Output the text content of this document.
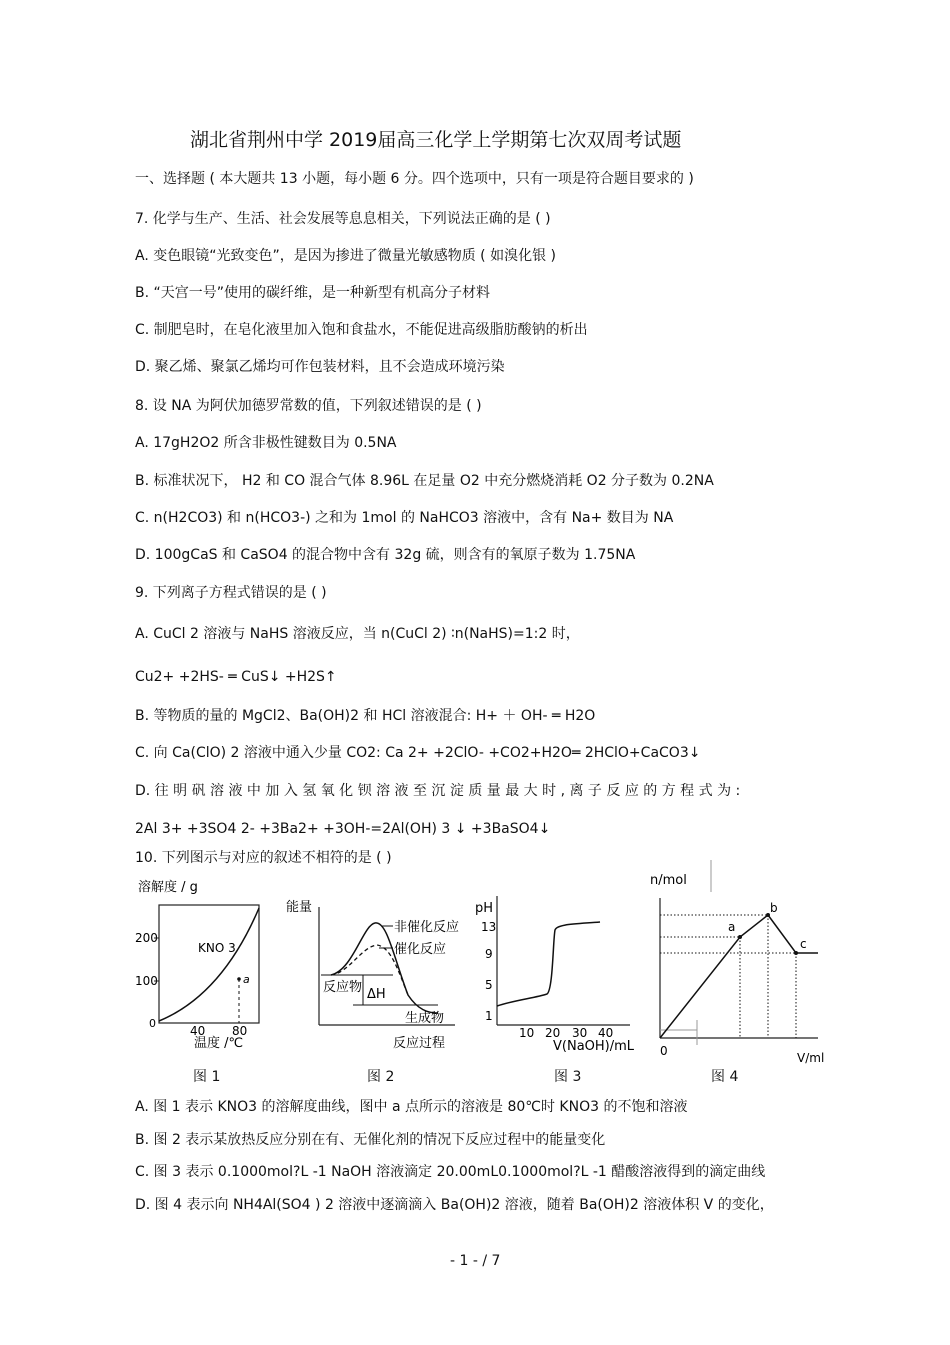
湖北省荆州中学 2019届高三化学上学期第七次双周考试题
一、选择题 ( 本大题共 13 小题，每小题 6 分。四个选项中，只有一项是符合题目要求的 )
7. 化学与生产、生活、社会发展等息息相关，下列说法正确的是 ( )
A. 变色眼镜“光致变色”，是因为掺进了微量光敏感物质 ( 如溴化银 )
B. “天宫一号”使用的碳纤维，是一种新型有机高分子材料
C. 制肥皂时，在皂化液里加入饱和食盐水，不能促进高级脂肪酸钠的析出
D. 聚乙烯、聚氯乙烯均可作包装材料，且不会造成环境污染
8. 设 NA 为阿伏加德罗常数的值，下列叙述错误的是 ( )
A. 17gH2O2 所含非极性键数目为 0.5NA
B. 标准状况下， H2 和 CO 混合气体 8.96L 在足量 O2 中充分燃烧消耗 O2 分子数为 0.2NA
C. n(H2CO3) 和 n(HCO3-) 之和为 1mol 的 NaHCO3 溶液中，含有 Na+ 数目为 NA
D. 100gCaS 和 CaSO4 的混合物中含有 32g 硫，则含有的氧原子数为 1.75NA
9. 下列离子方程式错误的是 ( )
A. CuCl 2 溶液与 NaHS 溶液反应，当 n(CuCl 2) ∶n(NaHS)=1:2 时，
Cu2+ +2HS- ═ CuS↓ +H2S↑
B. 等物质的量的 MgCl2、Ba(OH)2 和 HCl 溶液混合: H+ ＋ OH- ═ H2O
C. 向 Ca(ClO) 2 溶液中通入少量 CO2: Ca 2+ +2ClO- +CO2+H2O═ 2HClO+CaCO3↓
D. 往 明 矾 溶 液 中 加 入 氢 氧 化 钡 溶 液 至 沉 淀 质 量 最 大 时 , 离 子 反 应 的 方 程 式 为 :
2Al 3+ +3SO4 2- +3Ba2+ +3OH-=2Al(OH) 3 ↓ +3BaSO4↓
10. 下列图示与对应的叙述不相符的是 ( )
溶解度 / g
200
100
0
40 80
KNO 3
a
温度 /℃
图 1
能量
非催化反应
催化反应
反应物 ΔH
生成物
反应过程
图 2
pH
13
9
5
1
10 20 30 40
V(NaOH)/mL
图 3
n/mol
a
b
c
0	V/ml
图 4
A. 图 1 表示 KNO3 的溶解度曲线，图中 a 点所示的溶液是 80℃时 KNO3 的不饱和溶液
B. 图 2 表示某放热反应分别在有、无催化剂的情况下反应过程中的能量变化
C. 图 3 表示 0.1000mol?L -1 NaOH 溶液滴定 20.00mL0.1000mol?L -1 醋酸溶液得到的滴定曲线
D. 图 4 表示向 NH4Al(SO4 ) 2 溶液中逐滴滴入 Ba(OH)2 溶液，随着 Ba(OH)2 溶液体积 V 的变化，
- 1 - / 7
